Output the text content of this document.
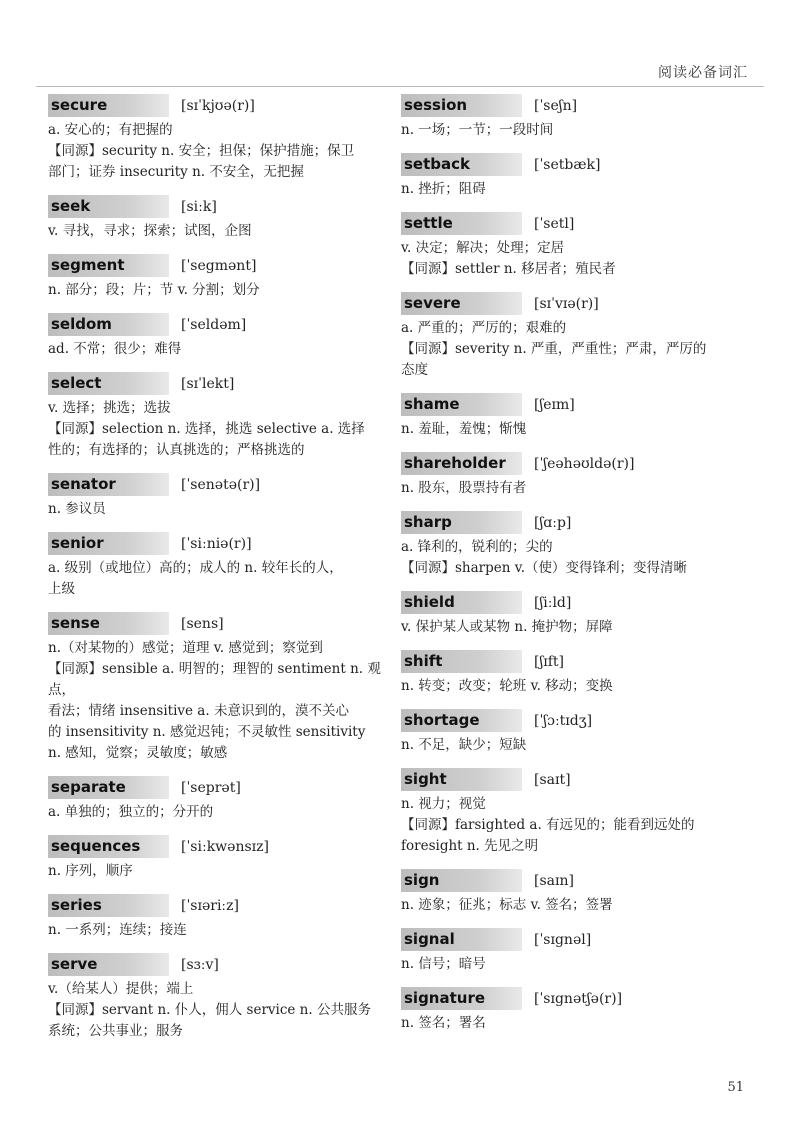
阅读必备词汇
secure	[sɪˈkjʊə(r)]
a. 安心的；有把握的
【同源】security n. 安全；担保；保护措施；保卫
部门；证券 insecurity n. 不安全，无把握
seek	[siːk]
v. 寻找，寻求；探索；试图，企图
segment	[ˈsegmənt]
n. 部分；段；片；节 v. 分割；划分
seldom	[ˈseldəm]
ad. 不常；很少；难得
select	[sɪˈlekt]
v. 选择；挑选；选拔
【同源】selection n. 选择，挑选 selective a. 选择
性的；有选择的；认真挑选的；严格挑选的
senator	[ˈsenətə(r)]
n. 参议员
senior	[ˈsiːniə(r)]
a. 级别（或地位）高的；成人的 n. 较年长的人，
上级
sense	[sens]
n.（对某物的）感觉；道理 v. 感觉到；察觉到
【同源】sensible a. 明智的；理智的 sentiment n. 观点，
看法；情绪 insensitive a. 未意识到的，漠不关心
的 insensitivity n. 感觉迟钝；不灵敏性 sensitivity
n. 感知，觉察；灵敏度；敏感
separate	[ˈseprət]
a. 单独的；独立的；分开的
sequences	[ˈsiːkwənsɪz]
n. 序列，顺序
series	[ˈsɪəriːz]
n. 一系列；连续；接连
serve	[sɜːv]
v.（给某人）提供；端上
【同源】servant n. 仆人，佣人 service n. 公共服务
系统；公共事业；服务
session	[ˈseʃn]
n. 一场；一节；一段时间
setback	[ˈsetbæk]
n. 挫折；阻碍
settle	[ˈsetl]
v. 决定；解决；处理；定居
【同源】settler n. 移居者；殖民者
severe	[sɪˈvɪə(r)]
a. 严重的；严厉的；艰难的
【同源】severity n. 严重，严重性；严肃，严厉的
态度
shame	[ʃeɪm]
n. 羞耻，羞愧；惭愧
shareholder	[ˈʃeəhəʊldə(r)]
n. 股东，股票持有者
sharp	[ʃɑːp]
a. 锋利的，锐利的；尖的
【同源】sharpen v.（使）变得锋利；变得清晰
shield	[ʃiːld]
v. 保护某人或某物 n. 掩护物；屏障
shift	[ʃɪft]
n. 转变；改变；轮班 v. 移动；变换
shortage	[ˈʃɔːtɪdʒ]
n. 不足，缺少；短缺
sight	[saɪt]
n. 视力；视觉
【同源】farsighted a. 有远见的；能看到远处的
foresight n. 先见之明
sign	[saɪn]
n. 迹象；征兆；标志 v. 签名；签署
signal	[ˈsɪgnəl]
n. 信号；暗号
signature	[ˈsɪgnətʃə(r)]
n. 签名；署名
51
